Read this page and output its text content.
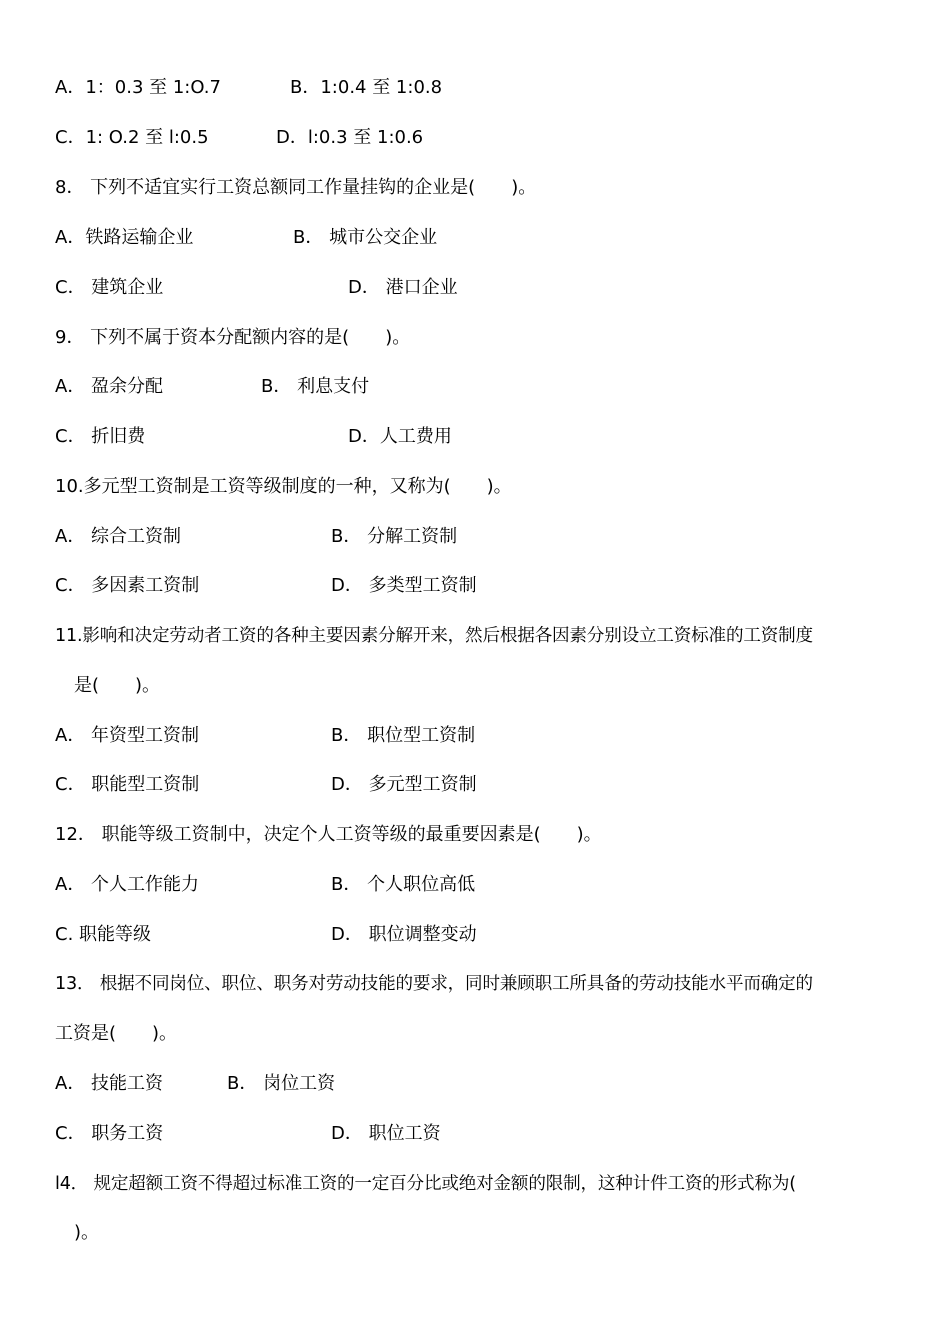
A．1：0.3 至 1:O.7	B．1:0.4 至 1:0.8
C．1: O.2 至 l:0.5	D．l:0.3 至 1:0.6
8． 下列不适宜实行工资总额同工作量挂钩的企业是(　　)。
A．铁路运输企业	B． 城市公交企业
C． 建筑企业	D． 港口企业
9． 下列不属于资本分配额内容的是(　　)。
A． 盈余分配	B． 利息支付
C． 折旧费	D．人工费用
10.多元型工资制是工资等级制度的一种，又称为(　　)。
A． 综合工资制	B． 分解工资制
C． 多因素工资制	D． 多类型工资制
11.影响和决定劳动者工资的各种主要因素分解开来，然后根据各因素分别设立工资标准的工资制度
是(　　)。
A． 年资型工资制	B． 职位型工资制
C． 职能型工资制	D． 多元型工资制
12． 职能等级工资制中，决定个人工资等级的最重要因素是(　　)。
A． 个人工作能力	B． 个人职位高低
C. 职能等级	D． 职位调整变动
13． 根据不同岗位、职位、职务对劳动技能的要求，同时兼顾职工所具备的劳动技能水平而确定的
工资是(　　)。
A． 技能工资	B． 岗位工资
C． 职务工资	D． 职位工资
l4． 规定超额工资不得超过标准工资的一定百分比或绝对金额的限制，这种计件工资的形式称为(
)。
